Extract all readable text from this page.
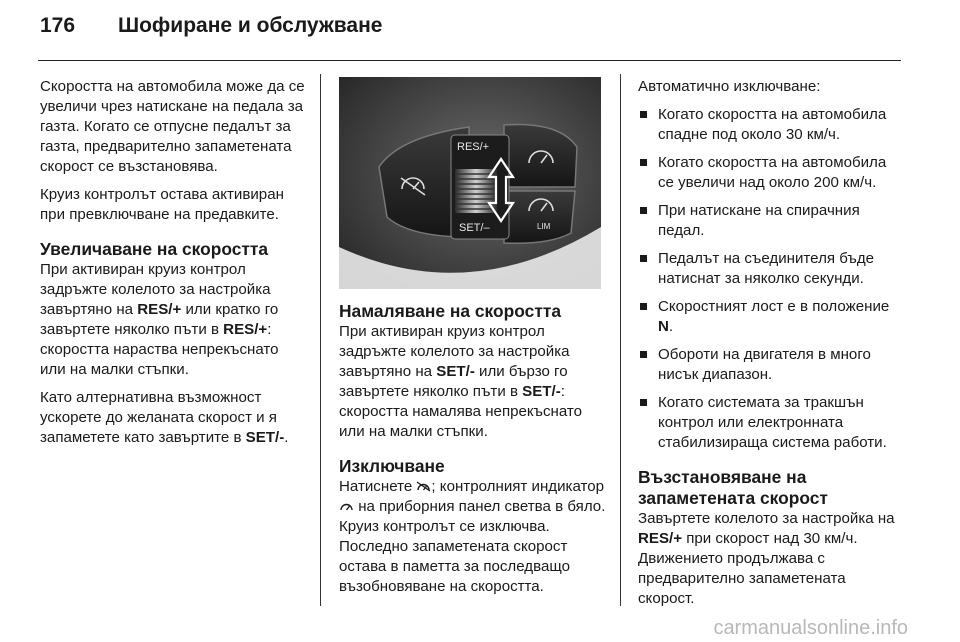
176 Шофиране и обслужване

Скоростта на автомобила може да се увеличи чрез натискане на педала за газта. Когато се отпусне педалът за газта, предварително запаметената скорост се възстановява.

Круиз контролът остава активиран при превключване на предавките.

Увеличаване на скоростта

При активиран круиз контрол задръжте колелото за настройка завъртяно на RES/+ или кратко го завъртете няколко пъти в RES/+: скоростта нараства непрекъснато или на малки стъпки.

Като алтернативна възможност ускорете до желаната скорост и я запаметете като завъртите в SET/-.

RES/+
SET/–	LIM
Намаляване на скоростта

При активиран круиз контрол задръжте колелото за настройка завъртяно на SET/- или бързо го завъртете няколко пъти в SET/-: скоростта намалява непрекъснато или на малки стъпки.

Изключване

Натиснете ; контролният индикатор  на приборния панел светва в бяло. Круиз контролът се изключва. Последно запаметената скорост остава в паметта за последващо възобновяване на скоростта.

Автоматично изключване:

Когато скоростта на автомобила спадне под около 30 км/ч.
Когато скоростта на автомобила се увеличи над около 200 км/ч.
При натискане на спирачния педал.
Педалът на съединителя бъде натиснат за няколко секунди.
Скоростният лост е в положение N.
Обороти на двигателя в много нисък диапазон.
Когато системата за тракшън контрол или електронната стабилизираща система работи.
Възстановяване на запаметената скорост

Завъртете колелото за настройка на RES/+ при скорост над 30 км/ч. Движението продължава с предварително запаметената скорост.

carmanualsonline.info
